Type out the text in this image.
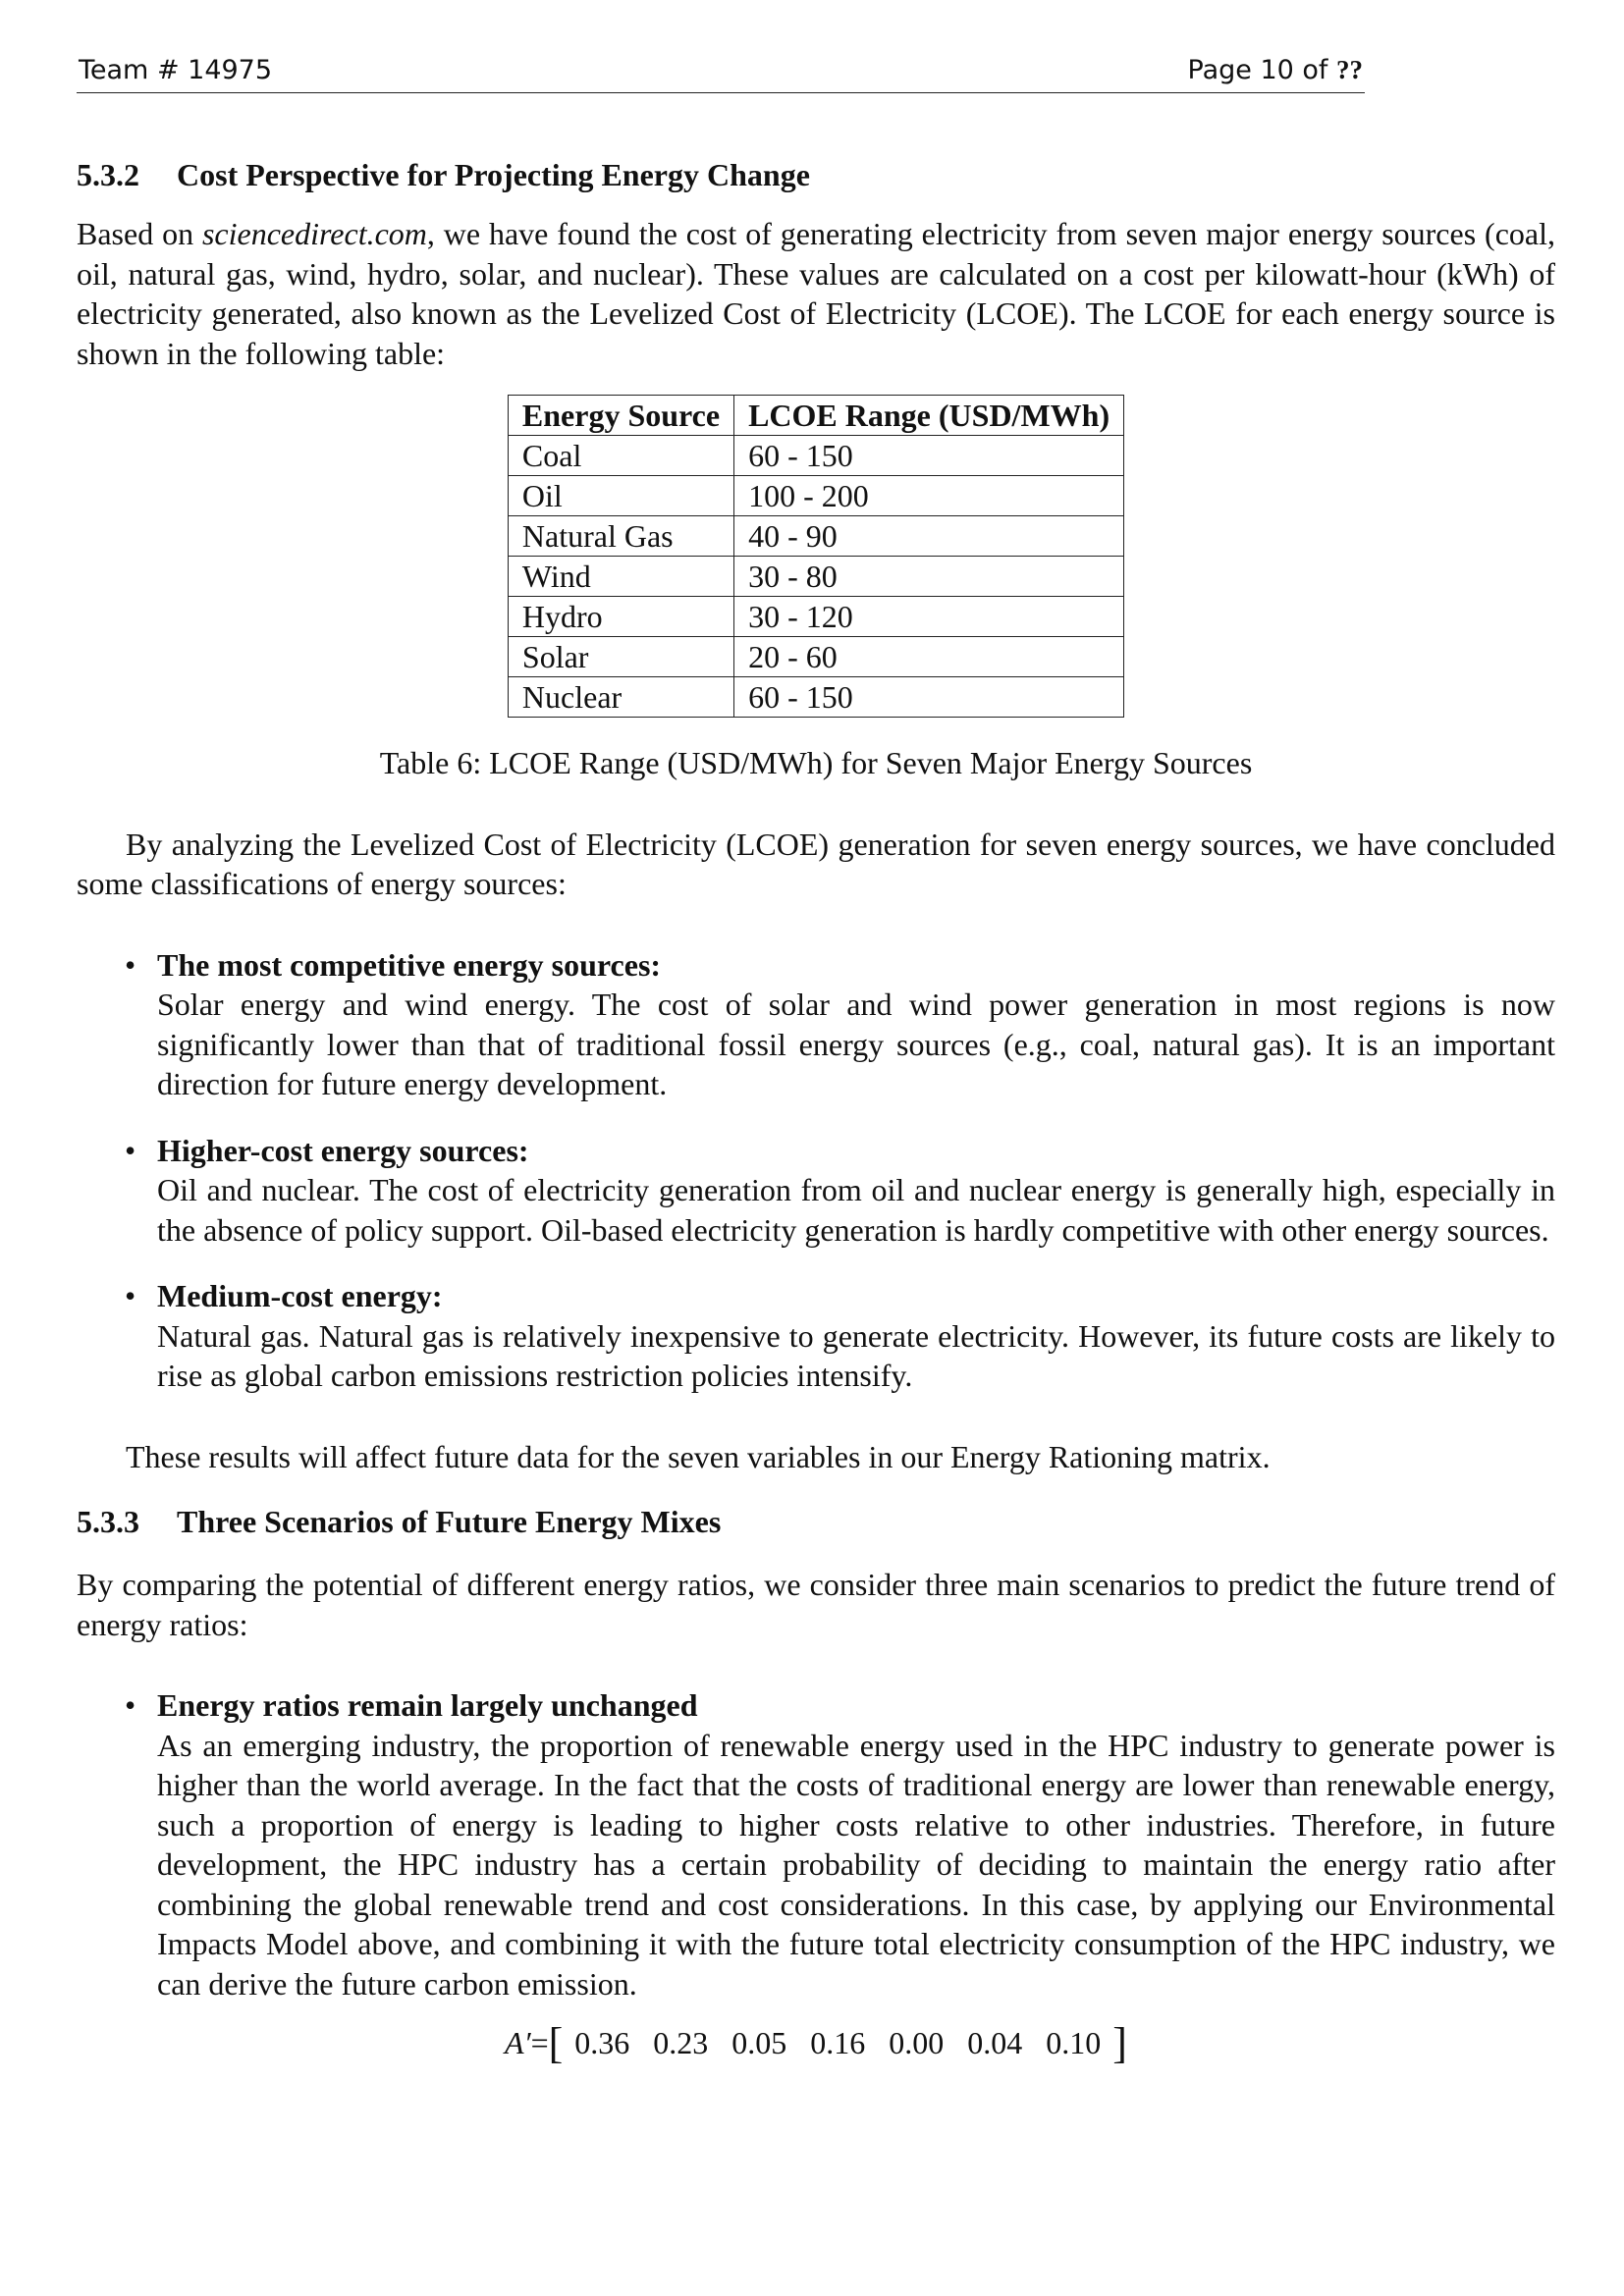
Team # 14975	Page 10 of ??
5.3.2 Cost Perspective for Projecting Energy Change

Based on sciencedirect.com, we have found the cost of generating electricity from seven major energy sources (coal, oil, natural gas, wind, hydro, solar, and nuclear). These values are calculated on a cost per kilowatt-hour (kWh) of electricity generated, also known as the Levelized Cost of Electricity (LCOE). The LCOE for each energy source is shown in the following table:

Energy Source	LCOE Range (USD/MWh)
Coal	60 - 150
Oil	100 - 200
Natural Gas	40 - 90
Wind	30 - 80
Hydro	30 - 120
Solar	20 - 60
Nuclear	60 - 150

Table 6: LCOE Range (USD/MWh) for Seven Major Energy Sources

By analyzing the Levelized Cost of Electricity (LCOE) generation for seven energy sources, we have concluded some classifications of energy sources:

• The most competitive energy sources:

Solar energy and wind energy. The cost of solar and wind power generation in most regions is now significantly lower than that of traditional fossil energy sources (e.g., coal, natural gas). It is an important direction for future energy development.

• Higher-cost energy sources:

Oil and nuclear. The cost of electricity generation from oil and nuclear energy is generally high, especially in the absence of policy support. Oil-based electricity generation is hardly competitive with other energy sources.

• Medium-cost energy:

Natural gas. Natural gas is relatively inexpensive to generate electricity. However, its future costs are likely to rise as global carbon emissions restriction policies intensify.

These results will affect future data for the seven variables in our Energy Rationing matrix.

5.3.3 Three Scenarios of Future Energy Mixes

By comparing the potential of different energy ratios, we consider three main scenarios to predict the future trend of energy ratios:

• Energy ratios remain largely unchanged

As an emerging industry, the proportion of renewable energy used in the HPC industry to generate power is higher than the world average. In the fact that the costs of traditional energy are lower than renewable energy, such a proportion of energy is leading to higher costs relative to other industries. Therefore, in future development, the HPC industry has a certain probability of deciding to maintain the energy ratio after combining the global renewable trend and cost considerations. In this case, by applying our Environmental Impacts Model above, and combining it with the future total electricity consumption of the HPC industry, we can derive the future carbon emission.

A′=[ 0.36 0.23 0.05 0.16 0.00 0.04 0.10 ]
